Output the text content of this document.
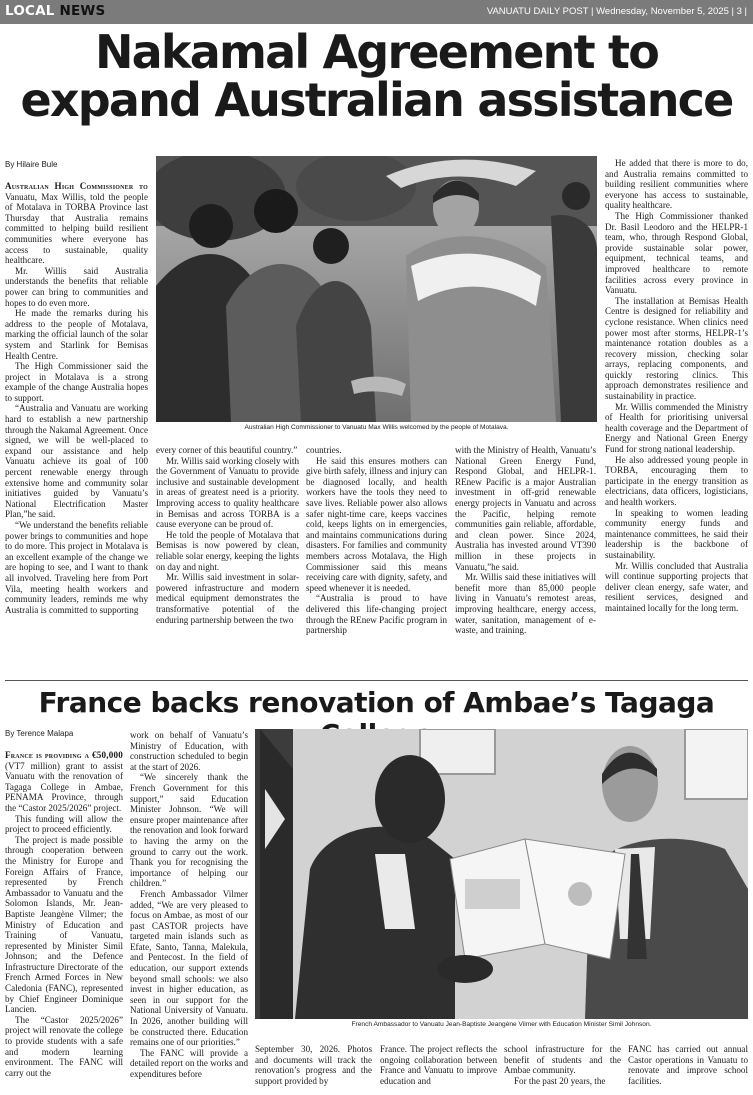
LOCAL NEWS	VANUATU DAILY POST | Wednesday, November 5, 2025 | 3 |
Nakamal Agreement to
expand Australian assistance
By Hilaire Bule

Australian High Commissioner to Vanuatu, Max Willis, told the people of Motalava in TORBA Province last Thursday that Australia remains committed to helping build resilient communities where everyone has access to sustainable, quality healthcare.

Mr. Willis said Australia understands the benefits that reliable power can bring to communities and hopes to do even more.

He made the remarks during his address to the people of Motalava, marking the official launch of the solar system and Starlink for Bemisas Health Centre.

The High Commissioner said the project in Motalava is a strong example of the change Australia hopes to support.

“Australia and Vanuatu are working hard to establish a new partnership through the Nakamal Agreement. Once signed, we will be well-placed to expand our assistance and help Vanuatu achieve its goal of 100 percent renewable energy through extensive home and community solar initiatives guided by Vanuatu’s National Electrification Master Plan,”he said.

“We understand the benefits reliable power brings to communities and hope to do more. This project in Motalava is an excellent example of the change we are hoping to see, and I want to thank all involved. Traveling here from Port Vila, meeting health workers and community leaders, reminds me why Australia is committed to supporting

Australian High Commissioner to Vanuatu Max Willis welcomed by the people of Motalava.

every corner of this beautiful country.”

Mr. Willis said working closely with the Government of Vanuatu to provide inclusive and sustainable development in areas of greatest need is a priority. Improving access to quality healthcare in Bemisas and across TORBA is a cause everyone can be proud of.

He told the people of Motalava that Bemisas is now powered by clean, reliable solar energy, keeping the lights on day and night.

Mr. Willis said investment in solar-powered infrastructure and modern medical equipment demonstrates the transformative potential of the enduring partnership between the two

countries.

He said this ensures mothers can give birth safely, illness and injury can be diagnosed locally, and health workers have the tools they need to save lives. Reliable power also allows safer night-time care, keeps vaccines cold, keeps lights on in emergencies, and maintains communications during disasters. For families and community members across Motalava, the High Commissioner said this means receiving care with dignity, safety, and speed whenever it is needed.

“Australia is proud to have delivered this life-changing project through the REnew Pacific program in partnership

with the Ministry of Health, Vanuatu’s National Green Energy Fund, Respond Global, and HELPR-1. REnew Pacific is a major Australian investment in off-grid renewable energy projects in Vanuatu and across the Pacific, helping remote communities gain reliable, affordable, and clean power. Since 2024, Australia has invested around VT390 million in these projects in Vanuatu,”he said.

Mr. Willis said these initiatives will benefit more than 85,000 people living in Vanuatu’s remotest areas, improving healthcare, energy access, water, sanitation, management of e-waste, and training.

He added that there is more to do, and Australia remains committed to building resilient communities where everyone has access to sustainable, quality healthcare.

The High Commissioner thanked Dr. Basil Leodoro and the HELPR-1 team, who, through Respond Global, provide sustainable solar power, equipment, technical teams, and improved healthcare to remote facilities across every province in Vanuatu.

The installation at Bemisas Health Centre is designed for reliability and cyclone resistance. When clinics need power most after storms, HELPR-1’s maintenance rotation doubles as a recovery mission, checking solar arrays, replacing components, and quickly restoring clinics. This approach demonstrates resilience and sustainability in practice.

Mr. Willis commended the Ministry of Health for prioritising universal health coverage and the Department of Energy and National Green Energy Fund for strong national leadership.

He also addressed young people in TORBA, encouraging them to participate in the energy transition as electricians, data officers, logisticians, and health workers.

In speaking to women leading community energy funds and maintenance committees, he said their leadership is the backbone of sustainability.

Mr. Willis concluded that Australia will continue supporting projects that deliver clean energy, safe water, and resilient services, designed and maintained locally for the long term.

France backs renovation of Ambae’s Tagaga
By Terence Malapa

France is providing a €50,000 (VT7 million) grant to assist Vanuatu with the renovation of Tagaga College in Ambae, PENAMA Province, through the “Castor 2025/2026” project.

This funding will allow the project to proceed efficiently.

The project is made possible through cooperation between the Ministry for Europe and Foreign Affairs of France, represented by French Ambassador to Vanuatu and the Solomon Islands, Mr. Jean-Baptiste Jeangène Vilmer; the Ministry of Education and Training of Vanuatu, represented by Minister Simil Johnson; and the Defence Infrastructure Directorate of the French Armed Forces in New Caledonia (FANC), represented by Chief Engineer Dominique Lancien.

The “Castor 2025/2026” project will renovate the college to provide students with a safe and modern learning environment. The FANC will carry out the

work on behalf of Vanuatu’s Ministry of Education, with construction scheduled to begin at the start of 2026.

“We sincerely thank the French Government for this support,” said Education Minister Johnson. “We will ensure proper maintenance after the renovation and look forward to having the army on the ground to carry out the work. Thank you for recognising the importance of helping our children.”

French Ambassador Vilmer added, “We are very pleased to focus on Ambae, as most of our past CASTOR projects have targeted main islands such as Efate, Santo, Tanna, Malekula, and Pentecost. In the field of education, our support extends beyond small schools: we also invest in higher education, as seen in our support for the National University of Vanuatu. In 2026, another building will be constructed there. Education remains one of our priorities.”

The FANC will provide a detailed report on the works and expenditures before

French Ambassador to Vanuatu Jean-Baptiste Jeangène Vilmer with Education Minister Simil Johnson.

September 30, 2026. Photos and documents will track the renovation’s progress and the support provided by

France. The project reflects the ongoing collaboration between France and Vanuatu to improve education and

school infrastructure for the benefit of students and the Ambae community.

For the past 20 years, the

FANC has carried out annual Castor operations in Vanuatu to renovate and improve school facilities.
